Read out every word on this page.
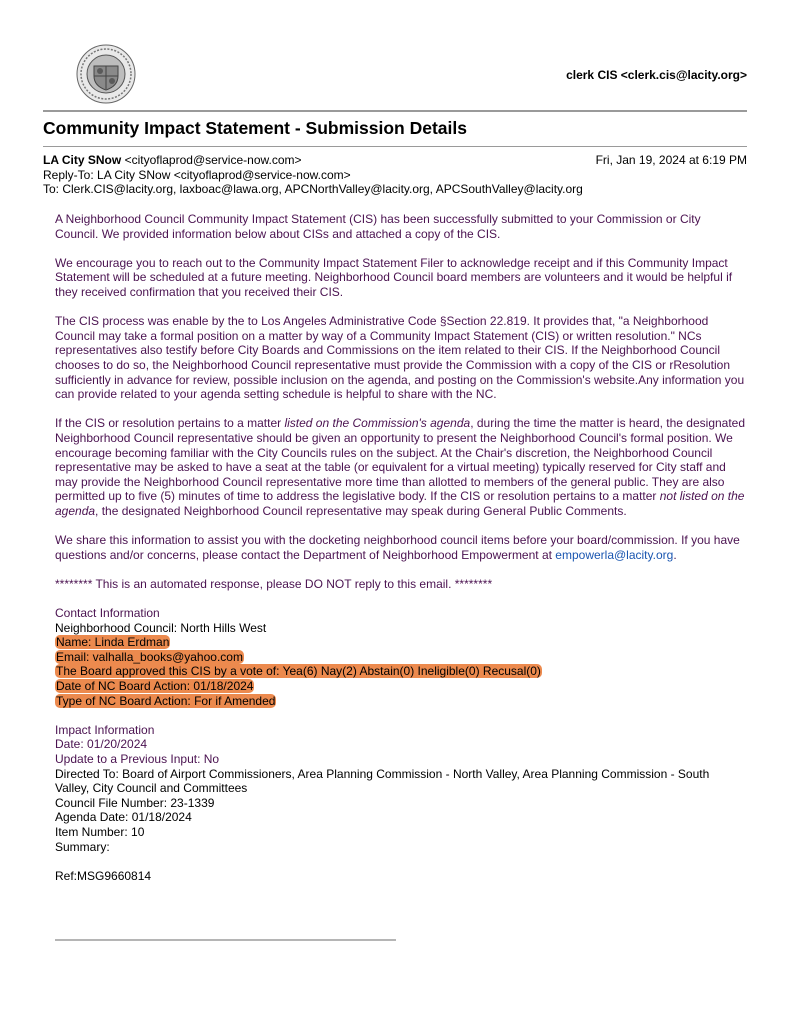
clerk CIS <clerk.cis@lacity.org>
Community Impact Statement - Submission Details
LA City SNow <cityoflaprod@service-now.com>	Fri, Jan 19, 2024 at 6:19 PM
Reply-To: LA City SNow <cityoflaprod@service-now.com>
To: Clerk.CIS@lacity.org, laxboac@lawa.org, APCNorthValley@lacity.org, APCSouthValley@lacity.org

A Neighborhood Council Community Impact Statement (CIS) has been successfully submitted to your Commission or City Council. We provided information below about CISs and attached a copy of the CIS.

We encourage you to reach out to the Community Impact Statement Filer to acknowledge receipt and if this Community Impact Statement will be scheduled at a future meeting. Neighborhood Council board members are volunteers and it would be helpful if they received confirmation that you received their CIS.

The CIS process was enable by the to Los Angeles Administrative Code §Section 22.819. It provides that, "a Neighborhood Council may take a formal position on a matter by way of a Community Impact Statement (CIS) or written resolution." NCs representatives also testify before City Boards and Commissions on the item related to their CIS. If the Neighborhood Council chooses to do so, the Neighborhood Council representative must provide the Commission with a copy of the CIS or rResolution sufficiently in advance for review, possible inclusion on the agenda, and posting on the Commission's website.Any information you can provide related to your agenda setting schedule is helpful to share with the NC.

If the CIS or resolution pertains to a matter listed on the Commission's agenda, during the time the matter is heard, the designated Neighborhood Council representative should be given an opportunity to present the Neighborhood Council's formal position. We encourage becoming familiar with the City Councils rules on the subject. At the Chair's discretion, the Neighborhood Council representative may be asked to have a seat at the table (or equivalent for a virtual meeting) typically reserved for City staff and may provide the Neighborhood Council representative more time than allotted to members of the general public. They are also permitted up to five (5) minutes of time to address the legislative body. If the CIS or resolution pertains to a matter not listed on the agenda, the designated Neighborhood Council representative may speak during General Public Comments.

We share this information to assist you with the docketing neighborhood council items before your board/commission. If you have questions and/or concerns, please contact the Department of Neighborhood Empowerment at empowerla@lacity.org.

******** This is an automated response, please DO NOT reply to this email. ********

Contact Information
Neighborhood Council: North Hills West
Name: Linda Erdman
Email: valhalla_books@yahoo.com
The Board approved this CIS by a vote of: Yea(6) Nay(2) Abstain(0) Ineligible(0) Recusal(0)
Date of NC Board Action: 01/18/2024
Type of NC Board Action: For if Amended
Impact Information
Date: 01/20/2024
Update to a Previous Input: No
Directed To: Board of Airport Commissioners, Area Planning Commission - North Valley, Area Planning Commission - South Valley, City Council and Committees
Council File Number: 23-1339
Agenda Date: 01/18/2024
Item Number: 10
Summary:
Ref:MSG9660814
